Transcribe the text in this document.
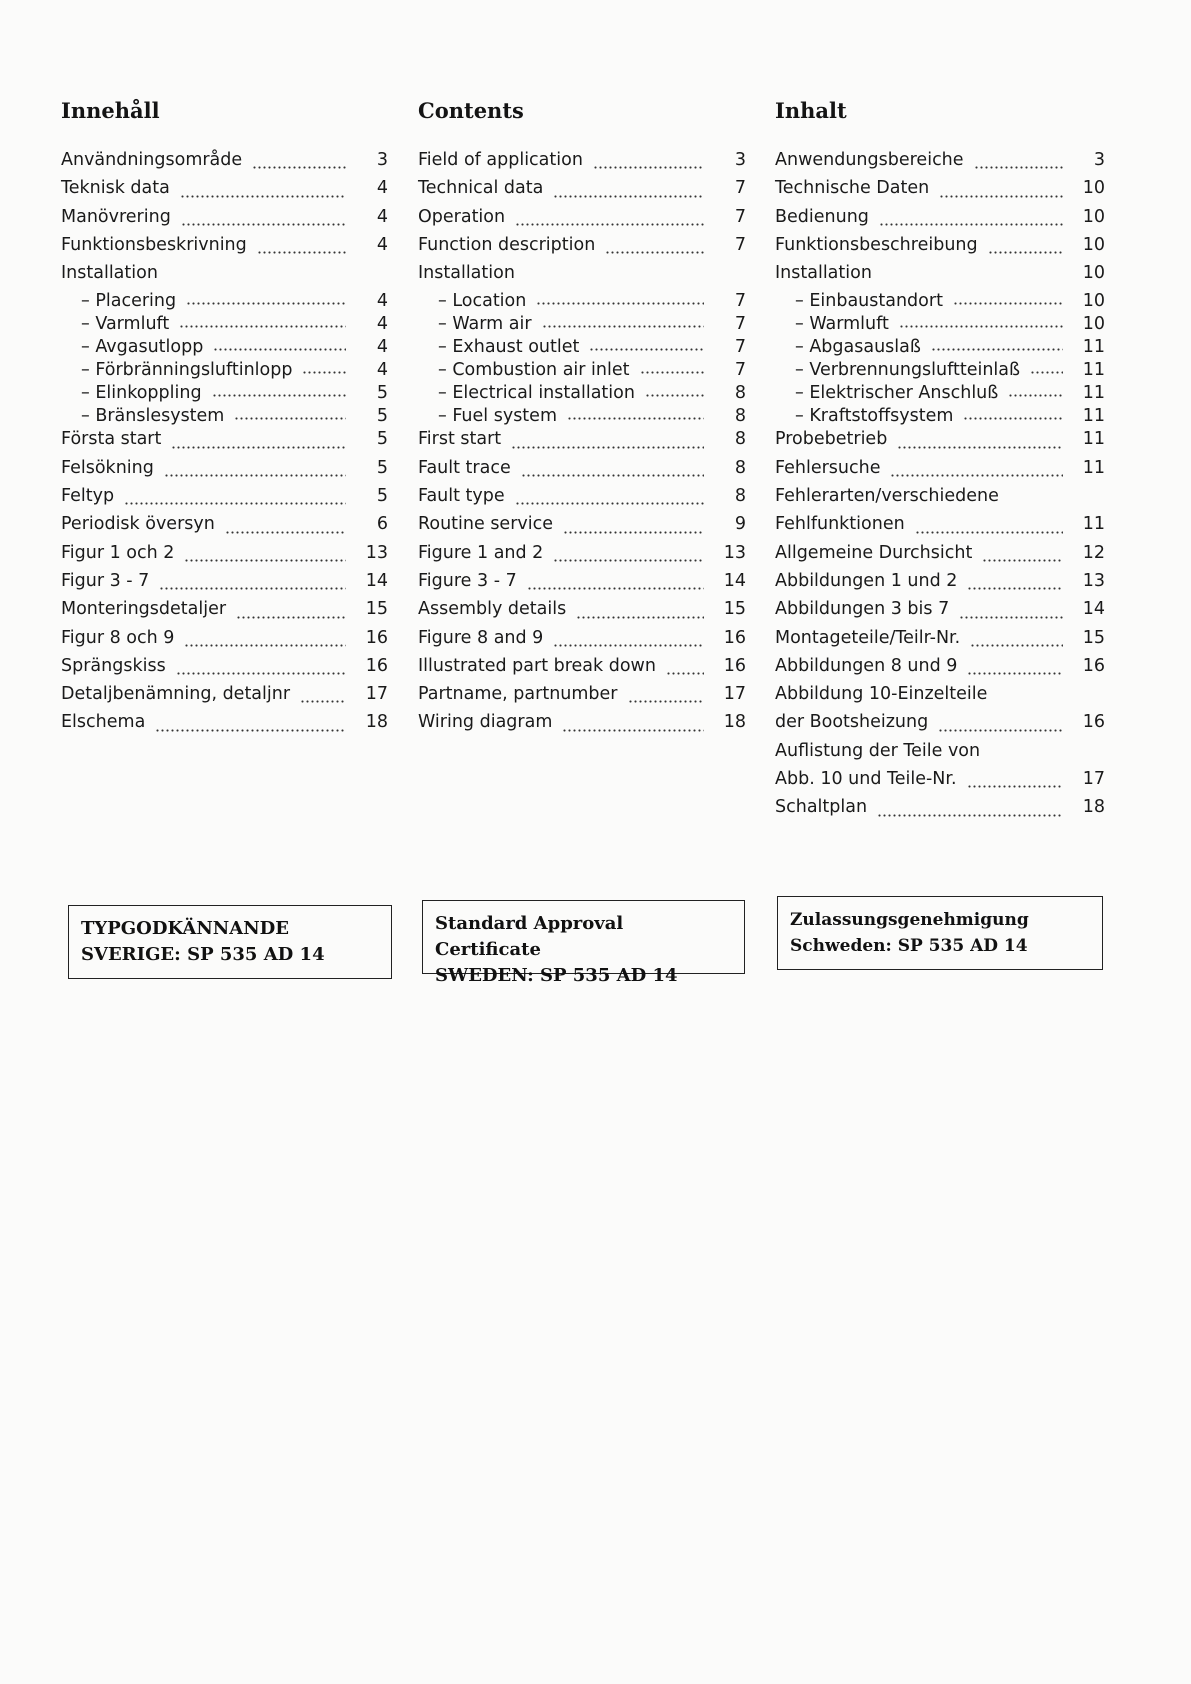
Innehåll
Användningsområde	3
Teknisk data	4
Manövrering	4
Funktionsbeskrivning	4
Installation
– Placering	4
– Varmluft	4
– Avgasutlopp	4
– Förbränningsluftinlopp	4
– Elinkoppling	5
– Bränslesystem	5
Första start	5
Felsökning	5
Feltyp	5
Periodisk översyn	6
Figur 1 och 2	13
Figur 3 - 7	14
Monteringsdetaljer	15
Figur 8 och 9	16
Sprängskiss	16
Detaljbenämning, detaljnr	17
Elschema	18
Contents
Field of application	3
Technical data	7
Operation	7
Function description	7
Installation
– Location	7
– Warm air	7
– Exhaust outlet	7
– Combustion air inlet	7
– Electrical installation	8
– Fuel system	8
First start	8
Fault trace	8
Fault type	8
Routine service	9
Figure 1 and 2	13
Figure 3 - 7	14
Assembly details	15
Figure 8 and 9	16
Illustrated part break down	16
Partname, partnumber	17
Wiring diagram	18
Inhalt
Anwendungsbereiche	3
Technische Daten	10
Bedienung	10
Funktionsbeschreibung	10
Installation	10
– Einbaustandort	10
– Warmluft	10
– Abgasauslaß	11
– Verbrennungsluftteinlaß	11
– Elektrischer Anschluß	11
– Kraftstoffsystem	11
Probebetrieb	11
Fehlersuche	11
Fehlerarten/verschiedene
Fehlfunktionen	11
Allgemeine Durchsicht	12
Abbildungen 1 und 2	13
Abbildungen 3 bis 7	14
Montageteile/Teilr-Nr.	15
Abbildungen 8 und 9	16
Abbildung 10-Einzelteile
der Bootsheizung	16
Auflistung der Teile von
Abb. 10 und Teile-Nr.	17
Schaltplan	18
TYPGODKÄNNANDE
SVERIGE: SP 535 AD 14
Standard Approval Certificate
SWEDEN: SP 535 AD 14
Zulassungsgenehmigung
Schweden: SP 535 AD 14
